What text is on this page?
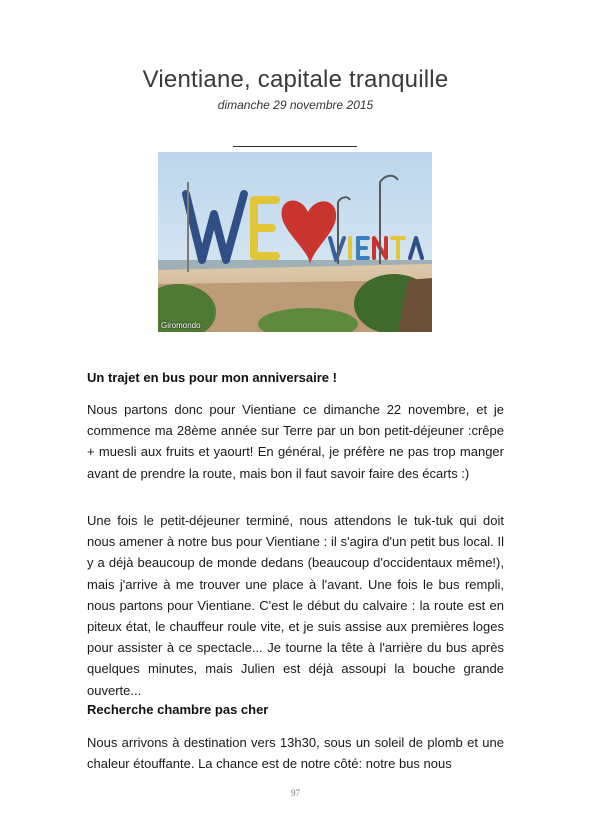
Vientiane, capitale tranquille
dimanche 29 novembre 2015
Giromondo
Un trajet en bus pour mon anniversaire !
Nous partons donc pour Vientiane ce dimanche 22 novembre, et je commence ma 28ème année sur Terre par un bon petit-déjeuner :crêpe + muesli aux fruits et yaourt! En général, je préfère ne pas trop manger avant de prendre la route, mais bon il faut savoir faire des écarts :)
Une fois le petit-déjeuner terminé, nous attendons le tuk-tuk qui doit nous amener à notre bus pour Vientiane : il s'agira d'un petit bus local. Il y a déjà beaucoup de monde dedans (beaucoup d'occidentaux même!), mais j'arrive à me trouver une place à l'avant. Une fois le bus rempli, nous partons pour Vientiane. C'est le début du calvaire : la route est en piteux état, le chauffeur roule vite, et je suis assise aux premières loges pour assister à ce spectacle... Je tourne la tête à l'arrière du bus après quelques minutes, mais Julien est déjà assoupi la bouche grande ouverte...
Recherche chambre pas cher
Nous arrivons à destination vers 13h30, sous un soleil de plomb et une chaleur étouffante. La chance est de notre côté: notre bus nous
97
